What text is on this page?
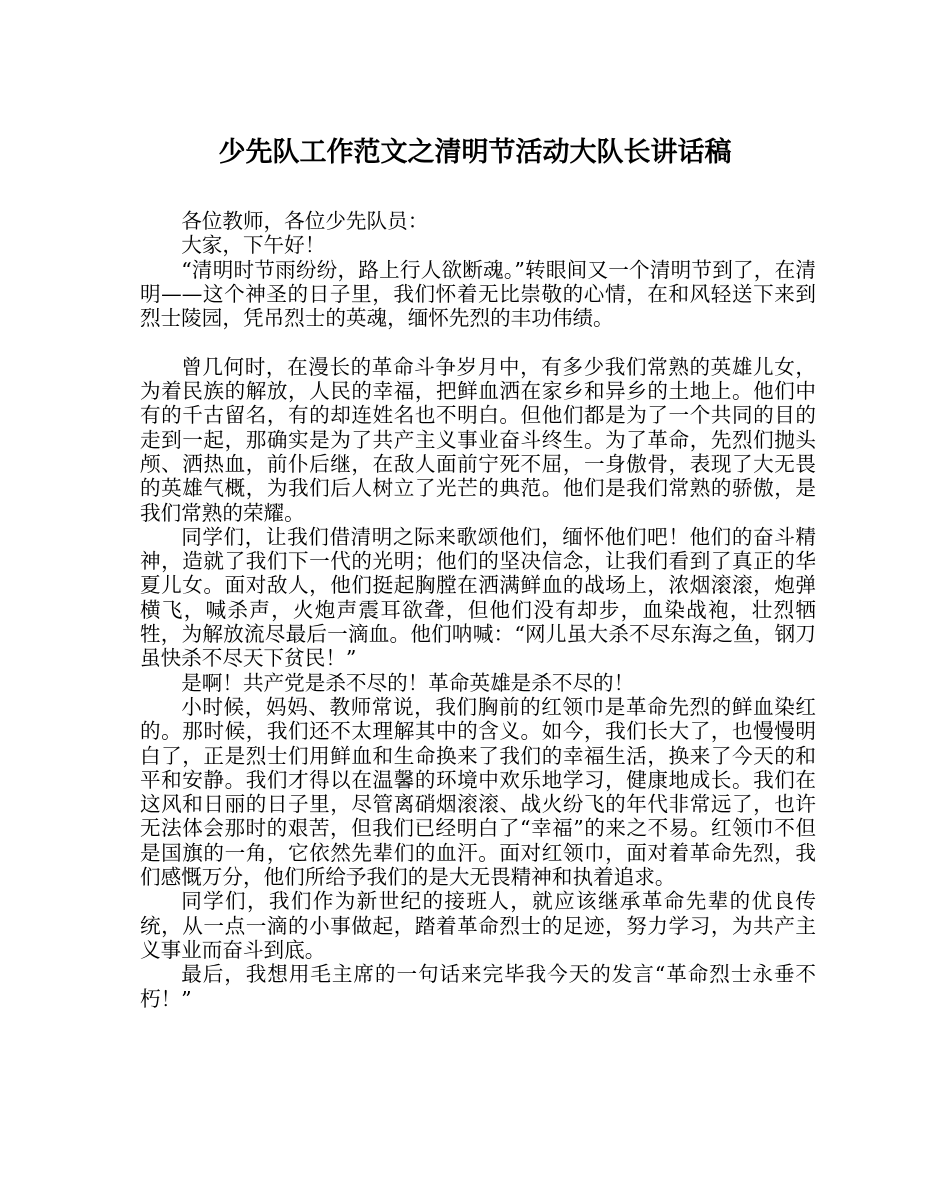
少先队工作范文之清明节活动大队长讲话稿

各位教师，各位少先队员：

大家，下午好！

“清明时节雨纷纷，路上行人欲断魂。”转眼间又一个清明节到了，在清明——这个神圣的日子里，我们怀着无比崇敬的心情，在和风轻送下来到烈士陵园，凭吊烈士的英魂，缅怀先烈的丰功伟绩。

曾几何时，在漫长的革命斗争岁月中，有多少我们常熟的英雄儿女，为着民族的解放，人民的幸福，把鲜血洒在家乡和异乡的土地上。他们中有的千古留名，有的却连姓名也不明白。但他们都是为了一个共同的目的走到一起，那确实是为了共产主义事业奋斗终生。为了革命，先烈们抛头颅、洒热血，前仆后继，在敌人面前宁死不屈，一身傲骨，表现了大无畏的英雄气概，为我们后人树立了光芒的典范。他们是我们常熟的骄傲，是我们常熟的荣耀。

同学们，让我们借清明之际来歌颂他们，缅怀他们吧！他们的奋斗精神，造就了我们下一代的光明；他们的坚决信念，让我们看到了真正的华夏儿女。面对敌人，他们挺起胸膛在洒满鲜血的战场上，浓烟滚滚，炮弹横飞，喊杀声，火炮声震耳欲聋，但他们没有却步，血染战袍，壮烈牺牲，为解放流尽最后一滴血。他们呐喊：“网儿虽大杀不尽东海之鱼，钢刀虽快杀不尽天下贫民！”

是啊！共产党是杀不尽的！革命英雄是杀不尽的！

小时候，妈妈、教师常说，我们胸前的红领巾是革命先烈的鲜血染红的。那时候，我们还不太理解其中的含义。如今，我们长大了，也慢慢明白了，正是烈士们用鲜血和生命换来了我们的幸福生活，换来了今天的和平和安静。我们才得以在温馨的环境中欢乐地学习，健康地成长。我们在这风和日丽的日子里，尽管离硝烟滚滚、战火纷飞的年代非常远了，也许无法体会那时的艰苦，但我们已经明白了“幸福”的来之不易。红领巾不但是国旗的一角，它依然先辈们的血汗。面对红领巾，面对着革命先烈，我们感慨万分，他们所给予我们的是大无畏精神和执着追求。

同学们，我们作为新世纪的接班人，就应该继承革命先辈的优良传统，从一点一滴的小事做起，踏着革命烈士的足迹，努力学习，为共产主义事业而奋斗到底。

最后，我想用毛主席的一句话来完毕我今天的发言“革命烈士永垂不朽！”
